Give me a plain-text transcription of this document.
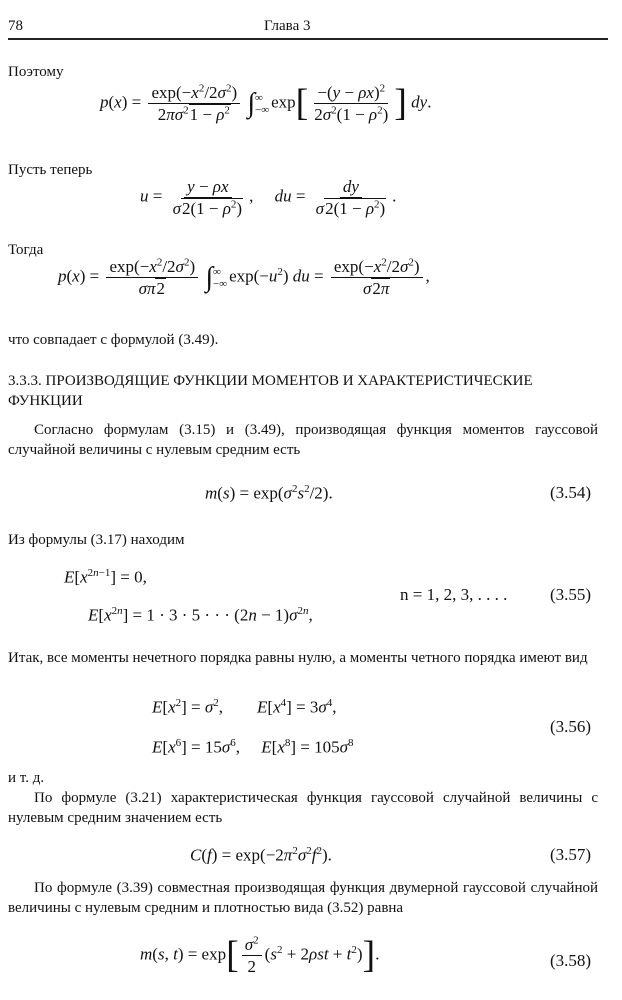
78	Глава 3
Поэтому
$p(x) = \frac{\exp(-x^2/2\sigma^2)}{2\pi\sigma^21 - \rho^2}$ ∫ ∞
−∞ $\exp[ \frac{-(y - \rho x)^2}{2\sigma^2(1 - \rho^2)}$ ] dy.
Пусть теперь
$u = \frac{y - \rho x}{\sigma 2(1 - \rho^2)}$ ,     du = $\frac{dy}{\sigma 2(1 - \rho^2)}$ .
Тогда
$p(x) = \frac{\exp(-x^2/2\sigma^2)}{\sigma\pi 2}$ ∫ ∞
−∞ $\exp(-u^2)$ du = $\frac{\exp(-x^2/2\sigma^2)}{\sigma 2\pi}$ ,
что совпадает с формулой (3.49).
3.3.3. ПРОИЗВОДЯЩИЕ ФУНКЦИИ МОМЕНТОВ И ХАРАКТЕРИСТИЧЕСКИЕ ФУНКЦИИ
Согласно формулам (3.15) и (3.49), производящая функция моментов гауссовой случайной величины с нулевым средним есть
$m(s) = \exp(\sigma^2s^2/2)$.	(3.54)
Из формулы (3.17) находим
$E[x^{2n-1}] = 0$,
$E[x^{2n}] = 1 \cdot 3 \cdot 5$ · · · $(2n - 1)\sigma^{2n}$,
n = 1, 2, 3, . . . .	(3.55)
Итак, все моменты нечетного порядка равны нулю, а моменты четного порядка имеют вид
$E[x^2] = \sigma^2$,        $E[x^4] = 3\sigma^4$,
$E[x^6] = 15\sigma^6$,     $E[x^8] = 105\sigma^8$
(3.56)
и т. д.
По формуле (3.21) характеристическая функция гауссовой случайной величины с нулевым средним значением есть
$C(f) = \exp(-2\pi^2\sigma^2f^2)$.	(3.57)
По формуле (3.39) совместная производящая функция двумерной гауссовой случайной величины с нулевым средним и плотностью вида (3.52) равна
m(s, $t) = \exp[ \frac{\sigma^2}{2} (s^2 + 2\rho st + t^2)]$.	(3.58)
